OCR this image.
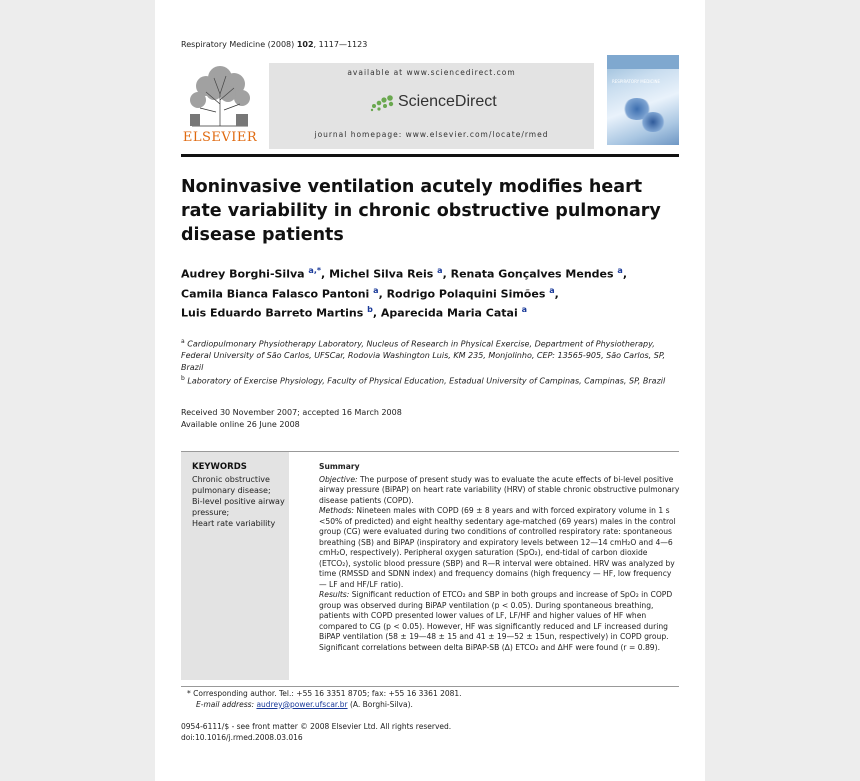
Respiratory Medicine (2008) 102, 1117—1123
ELSEVIER
available at www.sciencedirect.com
ScienceDirect
journal homepage: www.elsevier.com/locate/rmed
RESPIRATORY MEDICINE
Noninvasive ventilation acutely modifies heart rate variability in chronic obstructive pulmonary disease patients
Audrey Borghi-Silva $^{a,*}$, Michel Silva Reis $^a$, Renata Gonçalves Mendes $^a$,
Camila Bianca Falasco Pantoni $^a$, Rodrigo Polaquini Simões $^a$,
Luis Eduardo Barreto Martins $^b$, Aparecida Maria Catai $^a$
$^a$ Cardiopulmonary Physiotherapy Laboratory, Nucleus of Research in Physical Exercise, Department of Physiotherapy, Federal University of São Carlos, UFSCar, Rodovia Washington Luis, KM 235, Monjolinho, CEP: 13565-905, São Carlos, SP, Brazil
$^b$ Laboratory of Exercise Physiology, Faculty of Physical Education, Estadual University of Campinas, Campinas, SP, Brazil
Received 30 November 2007; accepted 16 March 2008
Available online 26 June 2008
KEYWORDS
Chronic obstructive pulmonary disease;
Bi-level positive airway pressure;
Heart rate variability
Summary

Objective: The purpose of present study was to evaluate the acute effects of bi-level positive airway pressure (BiPAP) on heart rate variability (HRV) of stable chronic obstructive pulmonary disease patients (COPD).

Methods: Nineteen males with COPD (69 ± 8 years and with forced expiratory volume in 1 s <50% of predicted) and eight healthy sedentary age-matched (69 years) males in the control group (CG) were evaluated during two conditions of controlled respiratory rate: spontaneous breathing (SB) and BiPAP (inspiratory and expiratory levels between 12—14 cmH₂O and 4—6 cmH₂O, respectively). Peripheral oxygen saturation (SpO₂), end-tidal of carbon dioxide (ETCO₂), systolic blood pressure (SBP) and R—R interval were obtained. HRV was analyzed by time (RMSSD and SDNN index) and frequency domains (high frequency — HF, low frequency — LF and HF/LF ratio).

Results: Significant reduction of ETCO₂ and SBP in both groups and increase of SpO₂ in COPD group was observed during BiPAP ventilation (p < 0.05). During spontaneous breathing, patients with COPD presented lower values of LF, LF/HF and higher values of HF when compared to CG (p < 0.05). However, HF was significantly reduced and LF increased during BiPAP ventilation (58 ± 19—48 ± 15 and 41 ± 19—52 ± 15un, respectively) in COPD group. Significant correlations between delta BiPAP-SB (Δ) ETCO₂ and ΔHF were found (r = 0.89).

* Corresponding author. Tel.: +55 16 3351 8705; fax: +55 16 3361 2081.
E-mail address: audrey@power.ufscar.br (A. Borghi-Silva).
0954-6111/$ - see front matter © 2008 Elsevier Ltd. All rights reserved.
doi:10.1016/j.rmed.2008.03.016
